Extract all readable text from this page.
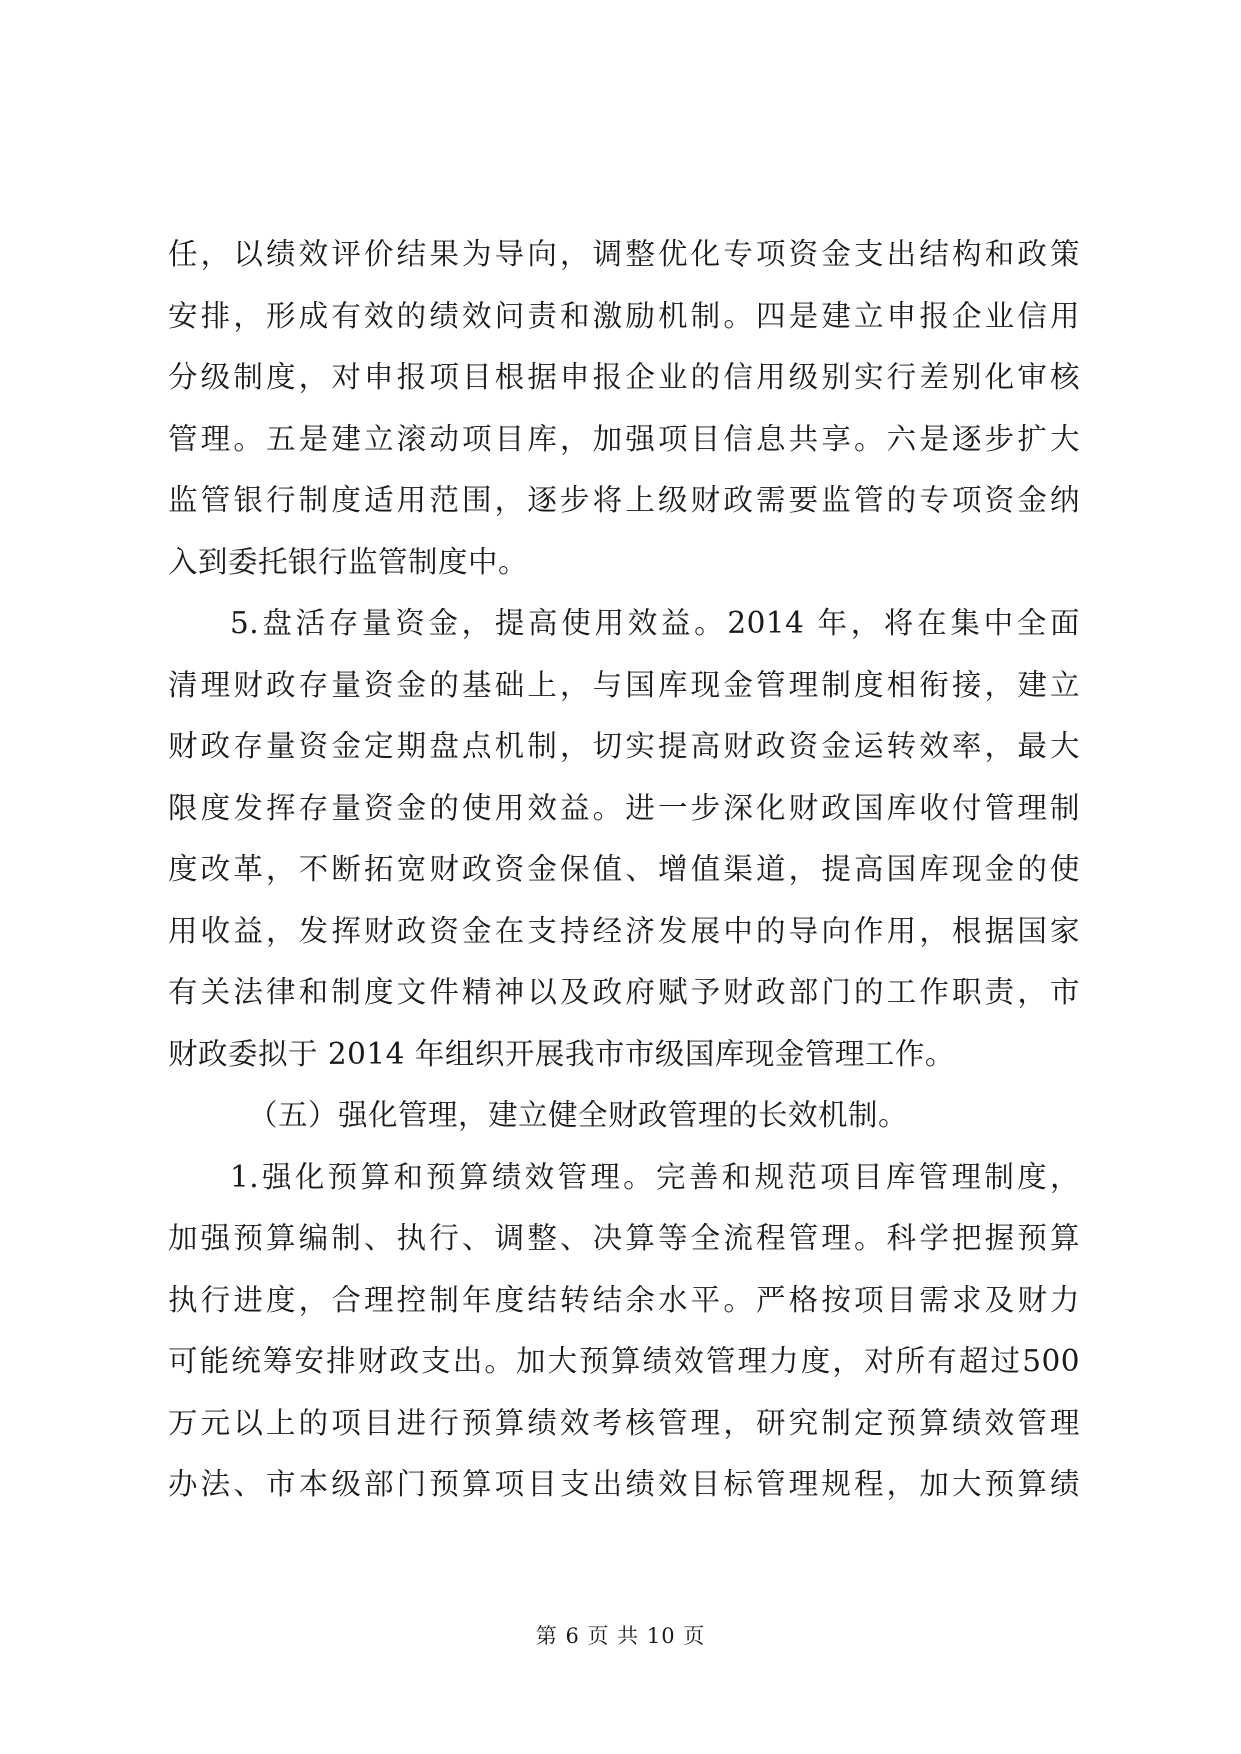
任，以绩效评价结果为导向，调整优化专项资金支出结构和政策
安排，形成有效的绩效问责和激励机制。四是建立申报企业信用
分级制度，对申报项目根据申报企业的信用级别实行差别化审核
管理。五是建立滚动项目库，加强项目信息共享。六是逐步扩大
监管银行制度适用范围，逐步将上级财政需要监管的专项资金纳
入到委托银行监管制度中。
5.盘活存量资金，提高使用效益。2014 年，将在集中全面
清理财政存量资金的基础上，与国库现金管理制度相衔接，建立
财政存量资金定期盘点机制，切实提高财政资金运转效率，最大
限度发挥存量资金的使用效益。进一步深化财政国库收付管理制
度改革，不断拓宽财政资金保值、增值渠道，提高国库现金的使
用收益，发挥财政资金在支持经济发展中的导向作用，根据国家
有关法律和制度文件精神以及政府赋予财政部门的工作职责，市
财政委拟于 2014 年组织开展我市市级国库现金管理工作。
（五）强化管理，建立健全财政管理的长效机制。
1.强化预算和预算绩效管理。完善和规范项目库管理制度，
加强预算编制、执行、调整、决算等全流程管理。科学把握预算
执行进度，合理控制年度结转结余水平。严格按项目需求及财力
可能统筹安排财政支出。加大预算绩效管理力度，对所有超过500
万元以上的项目进行预算绩效考核管理，研究制定预算绩效管理
办法、市本级部门预算项目支出绩效目标管理规程，加大预算绩
第 6 页 共 10 页
